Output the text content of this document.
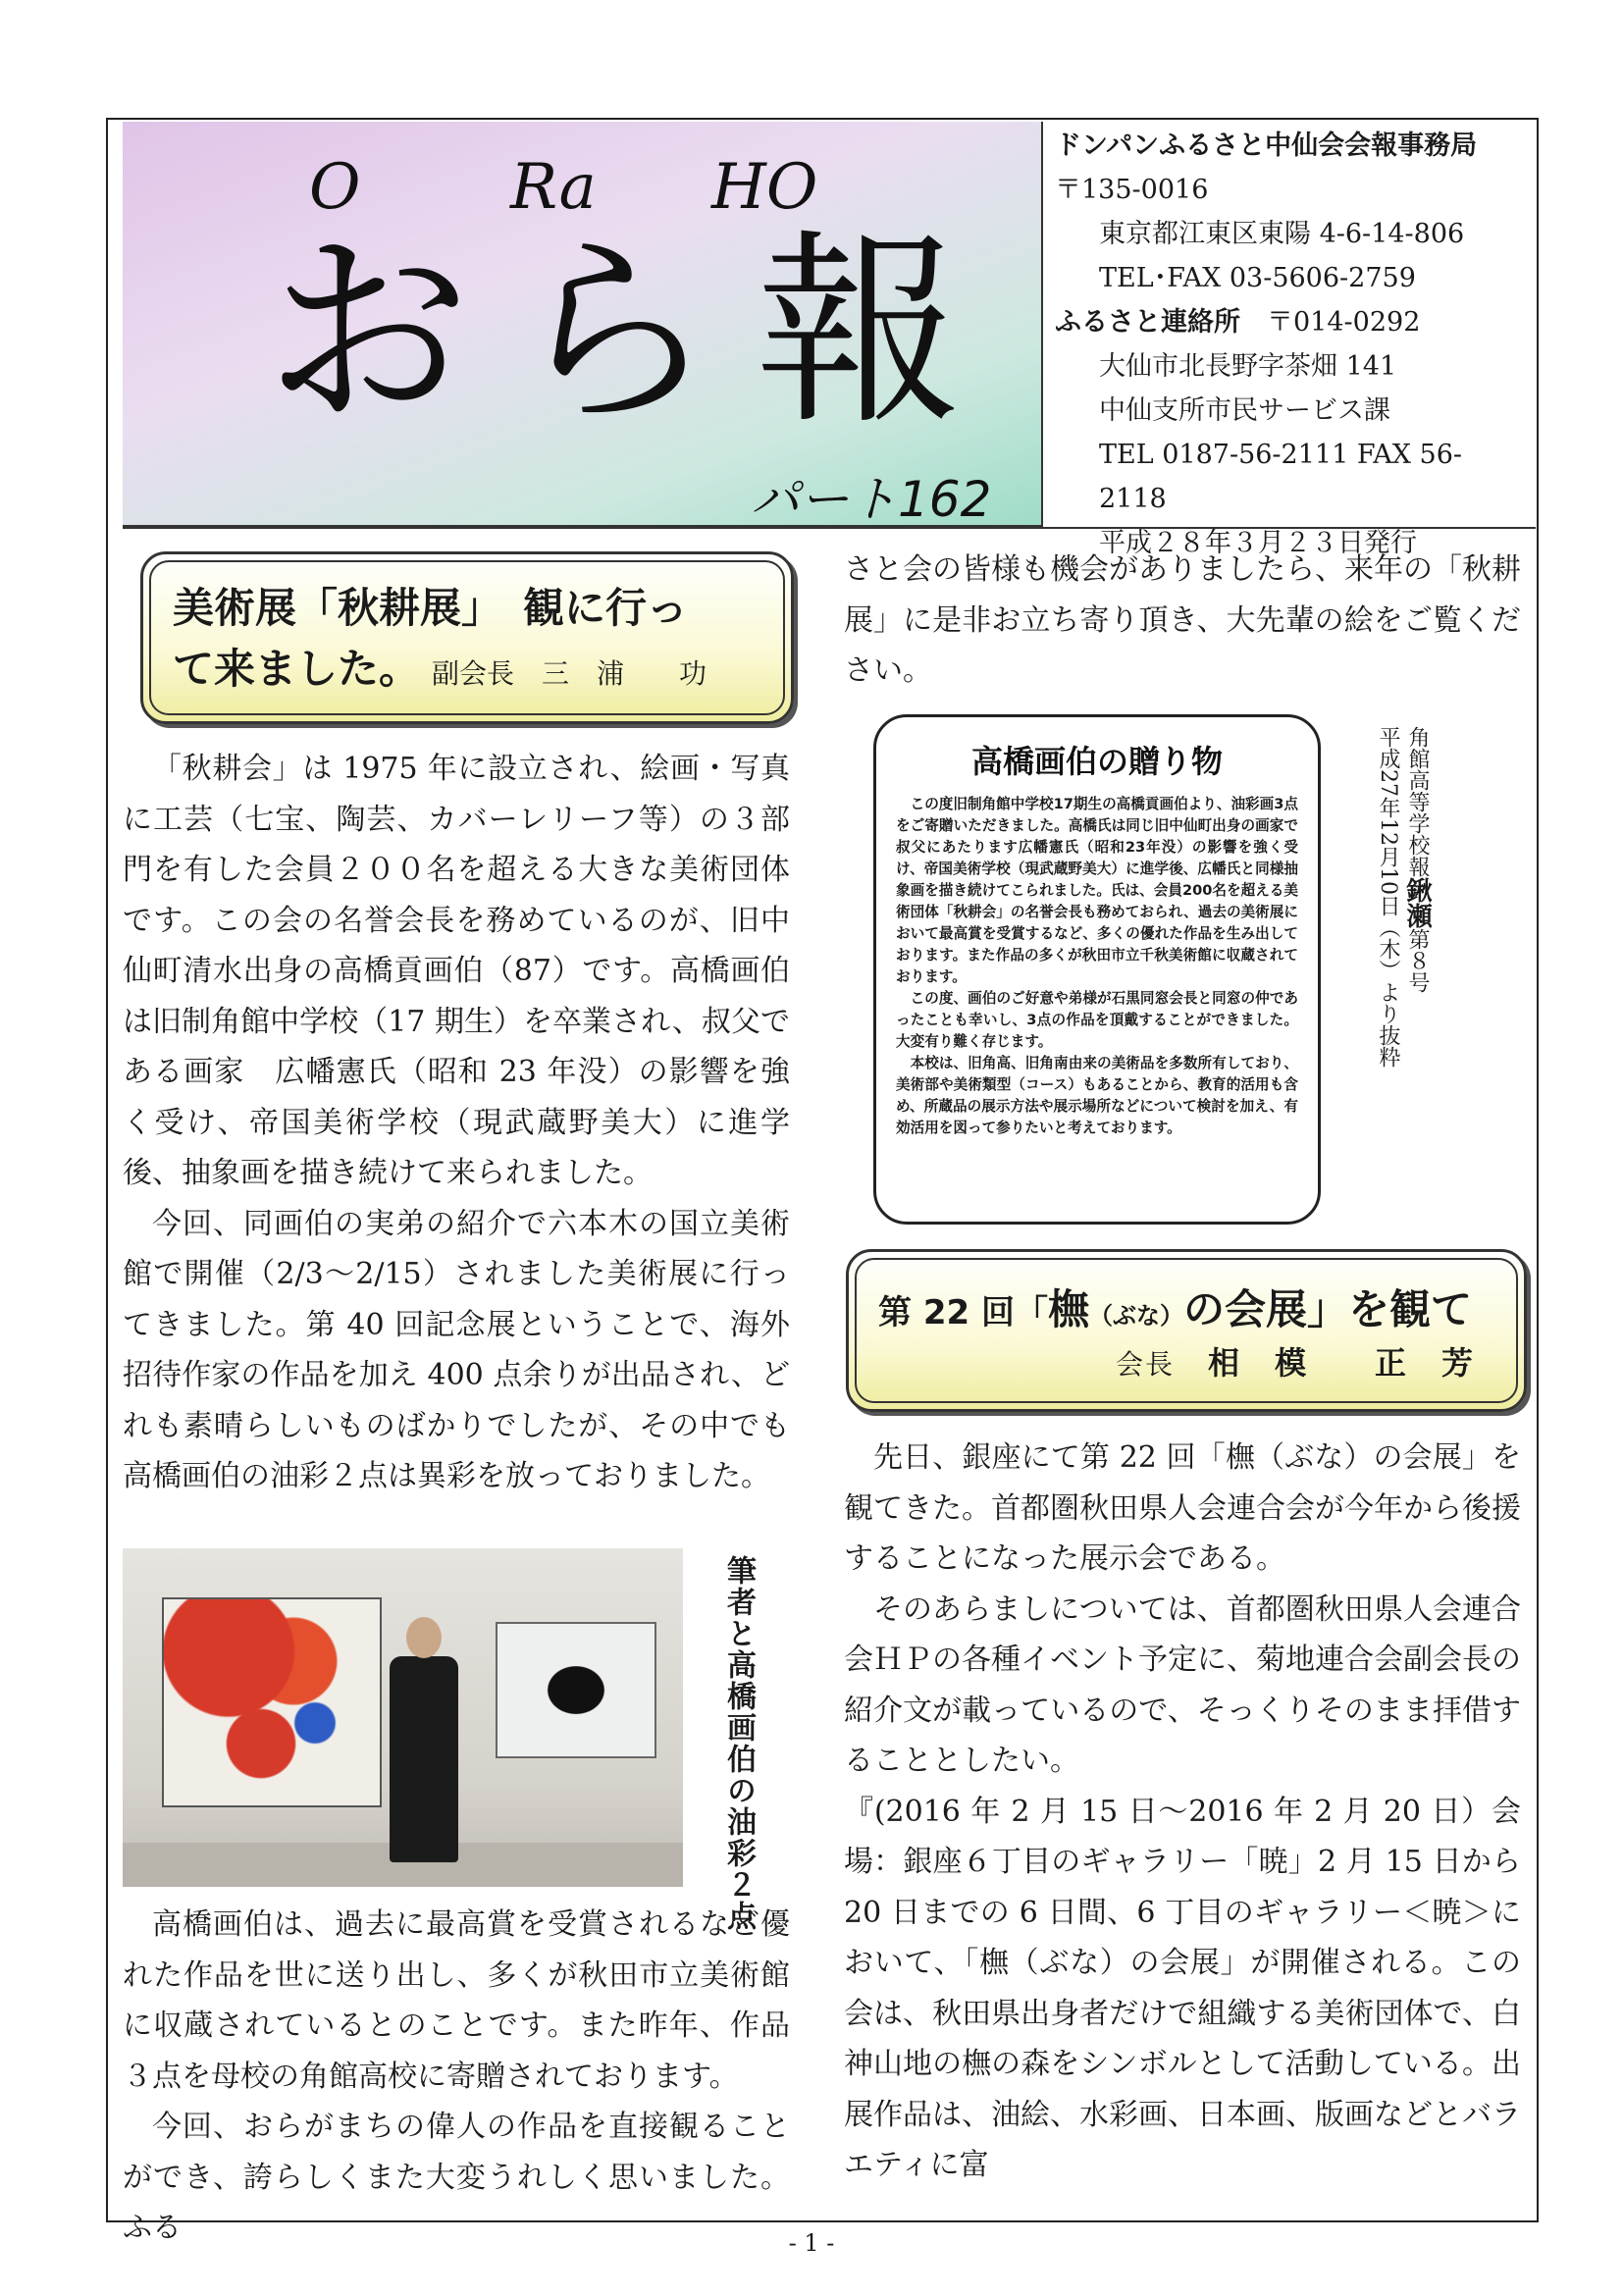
O Ra HO
おら報
パート162
ドンパンふるさと中仙会会報事務局
〒135-0016
東京都江東区東陽 4-6-14-806
TEL･FAX 03-5606-2759
ふるさと連絡所　 〒014-0292
大仙市北長野字茶畑 141
中仙支所市民サービス課
TEL 0187-56-2111 FAX 56-2118
平成２８年３月２３日発行
美術展「秋耕展」　観に行っ
て来ました。 副会長　三　浦　　功

「秋耕会」は 1975 年に設立され、絵画・写真に工芸（七宝、陶芸、カバーレリーフ等）の３部門を有した会員２００名を超える大きな美術団体です。この会の名誉会長を務めているのが、旧中仙町清水出身の高橋貢画伯（87）です。高橋画伯は旧制角館中学校（17 期生）を卒業され、叔父である画家　広幡憲氏（昭和 23 年没）の影響を強く受け、帝国美術学校（現武蔵野美大）に進学後、抽象画を描き続けて来られました。

今回、同画伯の実弟の紹介で六本木の国立美術館で開催（2/3〜2/15）されました美術展に行ってきました。第 40 回記念展ということで、海外招待作家の作品を加え 400 点余りが出品され、どれも素晴らしいものばかりでしたが、その中でも高橋画伯の油彩２点は異彩を放っておりました。

筆者と高橋画伯の油彩２点

高橋画伯は、過去に最高賞を受賞されるなど優れた作品を世に送り出し、多くが秋田市立美術館に収蔵されているとのことです。また昨年、作品３点を母校の角館高校に寄贈されております。

今回、おらがまちの偉人の作品を直接観ることができ、誇らしくまた大変うれしく思いました。ふる

さと会の皆様も機会がありましたら、来年の「秋耕展」に是非お立ち寄り頂き、大先輩の絵をご覧ください。

高橋画伯の贈り物

この度旧制角館中学校17期生の高橋貢画伯より、油彩画3点をご寄贈いただきました。高橋氏は同じ旧中仙町出身の画家で叔父にあたります広幡憲氏（昭和23年没）の影響を強く受け、帝国美術学校（現武蔵野美大）に進学後、広幡氏と同様抽象画を描き続けてこられました。氏は、会員200名を超える美術団体「秋耕会」の名誉会長も務めておられ、過去の美術展において最高賞を受賞するなど、多くの優れた作品を生み出しております。また作品の多くが秋田市立千秋美術館に収蔵されております。

この度、画伯のご好意や弟様が石黒同窓会長と同窓の仲であったことも幸いし、3点の作品を頂戴することができました。大変有り難く存じます。

本校は、旧角高、旧角南由来の美術品を多数所有しており、美術部や美術類型（コース）もあることから、教育的活用も含め、所蔵品の展示方法や展示場所などについて検討を加え、有効活用を図って参りたいと考えております。

角館高等学校報鍬瀬第８号
平成27年12月10日（木）より抜粋
第 22 回「橅（ぶな）の会展」を観て
会長　 相　模　　正　芳

先日、銀座にて第 22 回「橅（ぶな）の会展」を観てきた。首都圏秋田県人会連合会が今年から後援することになった展示会である。

そのあらましについては、首都圏秋田県人会連合会ＨＰの各種イベント予定に、菊地連合会副会長の紹介文が載っているので、そっくりそのまま拝借することとしたい。

『(2016 年 2 月 15 日〜2016 年 2 月 20 日）会場：銀座６丁目のギャラリー「暁」2 月 15 日から 20 日までの 6 日間、6 丁目のギャラリー＜暁＞において、「橅（ぶな）の会展」が開催される。この会は、秋田県出身者だけで組織する美術団体で、白神山地の橅の森をシンボルとして活動している。出展作品は、油絵、水彩画、日本画、版画などとバラエティに富

- 1 -
